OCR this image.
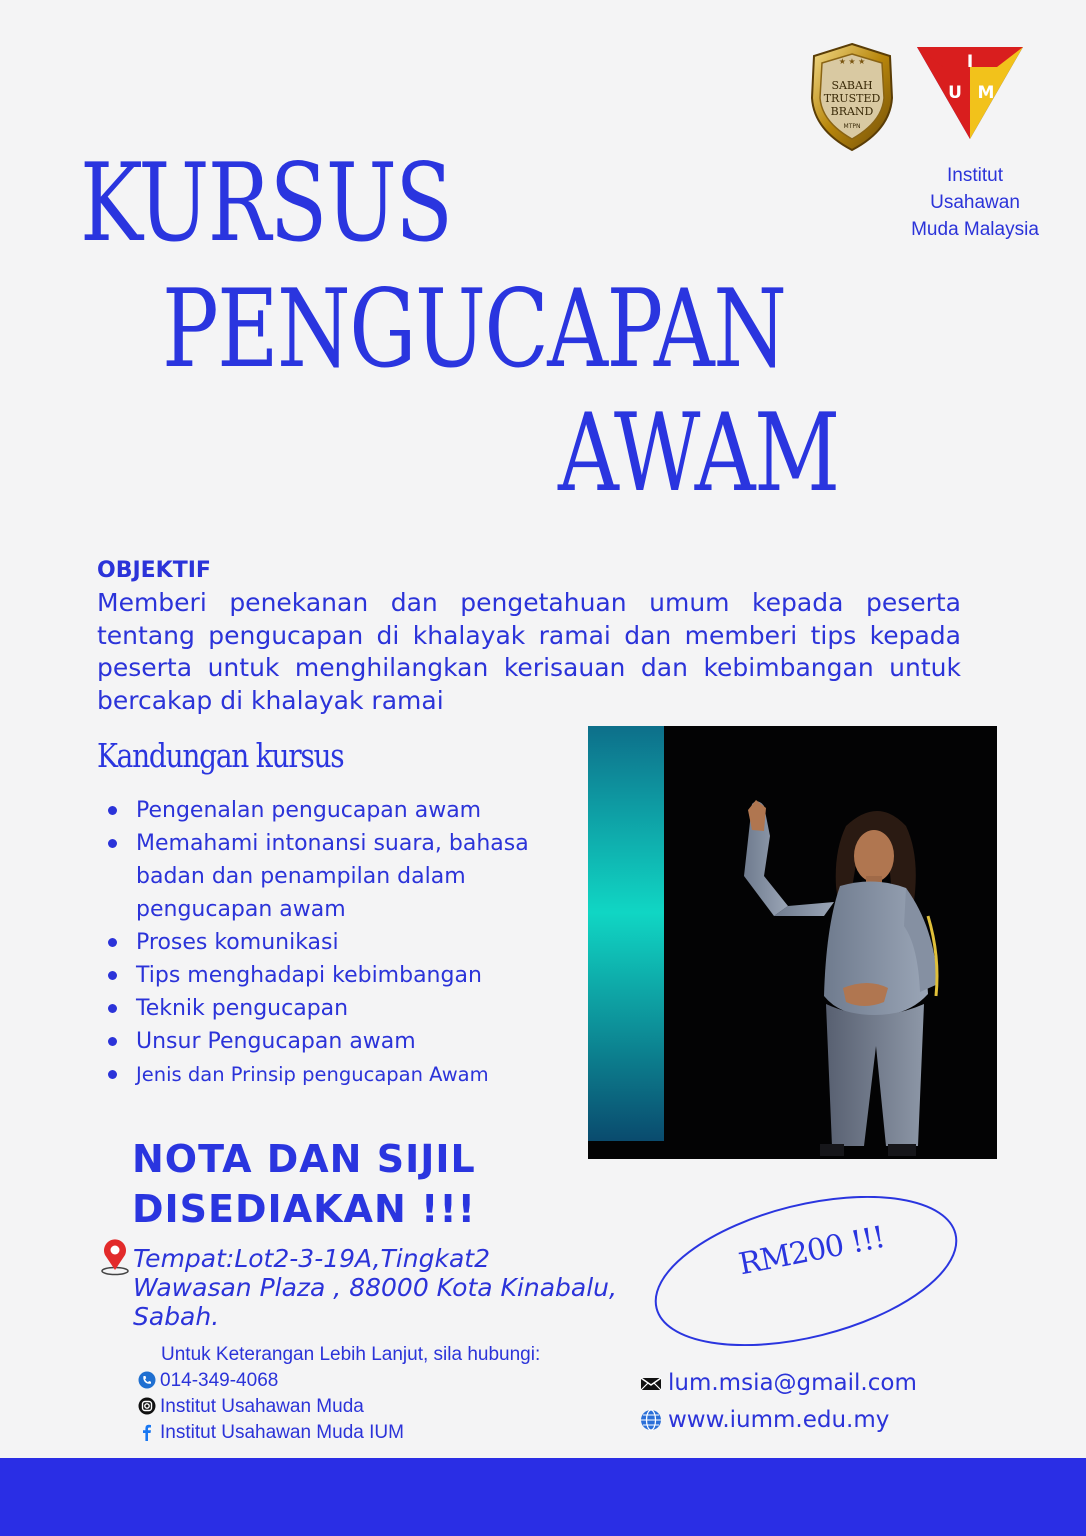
KURSUS
PENGUCAPAN
AWAM
★ ★ ★
SABAH
TRUSTED
BRAND
MTPN
I
U M
Institut
Usahawan
Muda Malaysia
OBJEKTIF
Memberi penekanan dan pengetahuan umum kepada peserta tentang pengucapan di khalayak ramai dan memberi tips kepada peserta untuk menghilangkan kerisauan dan kebimbangan untuk bercakap di khalayak ramai
Kandungan kursus
Pengenalan pengucapan awam
Memahami intonansi suara, bahasa badan dan penampilan dalam pengucapan awam
Proses komunikasi
Tips menghadapi kebimbangan
Teknik pengucapan
Unsur Pengucapan awam
Jenis dan Prinsip pengucapan Awam
NOTA DAN SIJIL
DISEDIAKAN !!!
Tempat:Lot2-3-19A,Tingkat2
Wawasan Plaza , 88000 Kota Kinabalu,
Sabah.
RM200 !!!
Untuk Keterangan Lebih Lanjut, sila hubungi:
014-349-4068
Institut Usahawan Muda
Institut Usahawan Muda IUM
lum.msia@gmail.com
www.iumm.edu.my
